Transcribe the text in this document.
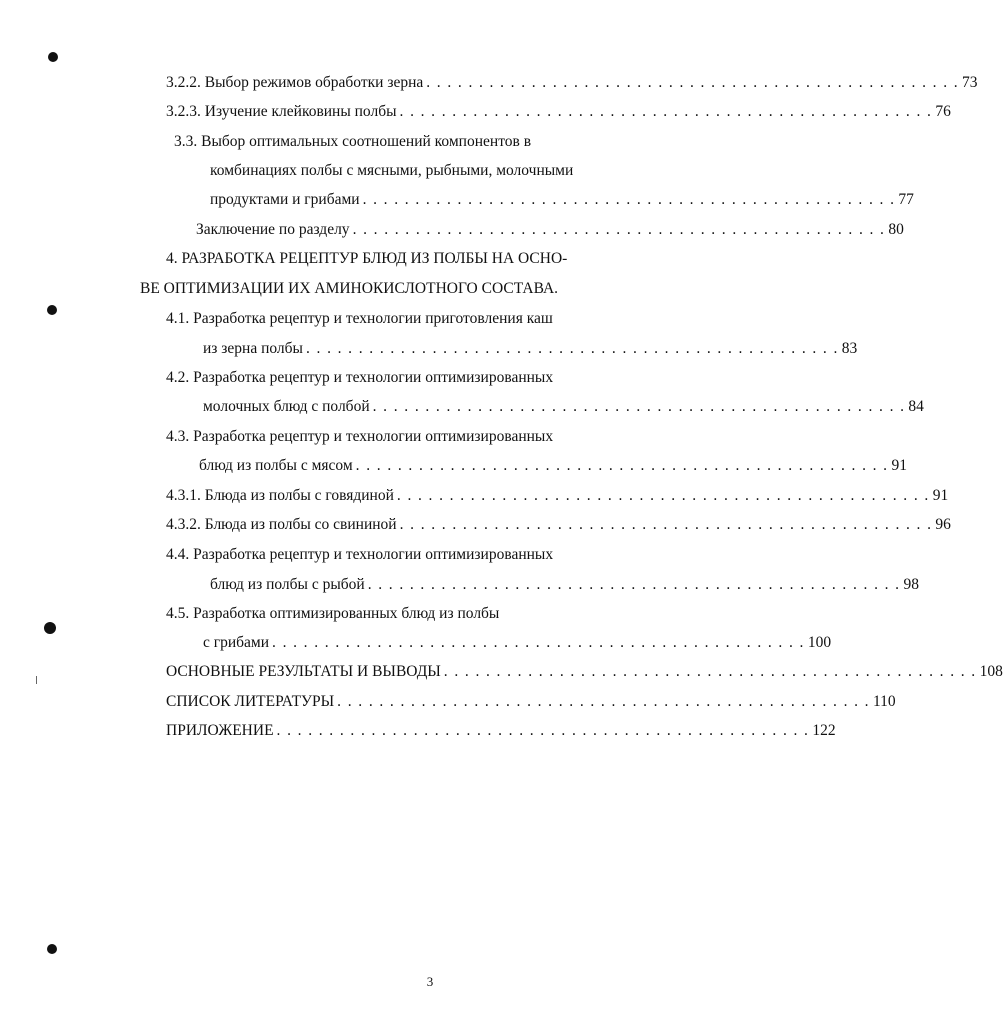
3.2.2. Выбор режимов обработки зерна . . . . . . . . . . . . . . . . . . . . . . . . . . . . . . . . . . . . . . . . . . . . . . . . . . . 73
3.2.3. Изучение клейковины полбы . . . . . . . . . . . . . . . . . . . . . . . . . . . . . . . . . . . . . . . . . . . . . . . . . . . 76
3.3. Выбор оптимальных соотношений компонентов в
комбинациях полбы с мясными, рыбными, молочными
продуктами и грибами . . . . . . . . . . . . . . . . . . . . . . . . . . . . . . . . . . . . . . . . . . . . . . . . . . . 77
Заключение по разделу . . . . . . . . . . . . . . . . . . . . . . . . . . . . . . . . . . . . . . . . . . . . . . . . . . . 80
4. РАЗРАБОТКА РЕЦЕПТУР БЛЮД ИЗ ПОЛБЫ НА ОСНО-
ВЕ ОПТИМИЗАЦИИ ИХ АМИНОКИСЛОТНОГО СОСТАВА.
4.1. Разработка рецептур и технологии приготовления каш
из зерна полбы . . . . . . . . . . . . . . . . . . . . . . . . . . . . . . . . . . . . . . . . . . . . . . . . . . . 83
4.2. Разработка рецептур и технологии оптимизированных
молочных блюд с полбой . . . . . . . . . . . . . . . . . . . . . . . . . . . . . . . . . . . . . . . . . . . . . . . . . . . 84
4.3. Разработка рецептур и технологии оптимизированных
блюд из полбы с мясом . . . . . . . . . . . . . . . . . . . . . . . . . . . . . . . . . . . . . . . . . . . . . . . . . . . 91
4.3.1. Блюда из полбы с говядиной . . . . . . . . . . . . . . . . . . . . . . . . . . . . . . . . . . . . . . . . . . . . . . . . . . . 91
4.3.2. Блюда из полбы со свининой . . . . . . . . . . . . . . . . . . . . . . . . . . . . . . . . . . . . . . . . . . . . . . . . . . . 96
4.4. Разработка рецептур и технологии оптимизированных
блюд из полбы с рыбой . . . . . . . . . . . . . . . . . . . . . . . . . . . . . . . . . . . . . . . . . . . . . . . . . . . 98
4.5. Разработка оптимизированных блюд из полбы
с грибами . . . . . . . . . . . . . . . . . . . . . . . . . . . . . . . . . . . . . . . . . . . . . . . . . . . 100
ОСНОВНЫЕ РЕЗУЛЬТАТЫ И ВЫВОДЫ . . . . . . . . . . . . . . . . . . . . . . . . . . . . . . . . . . . . . . . . . . . . . . . . . . . 108
СПИСОК ЛИТЕРАТУРЫ . . . . . . . . . . . . . . . . . . . . . . . . . . . . . . . . . . . . . . . . . . . . . . . . . . . 110
ПРИЛОЖЕНИЕ . . . . . . . . . . . . . . . . . . . . . . . . . . . . . . . . . . . . . . . . . . . . . . . . . . . 122
3
